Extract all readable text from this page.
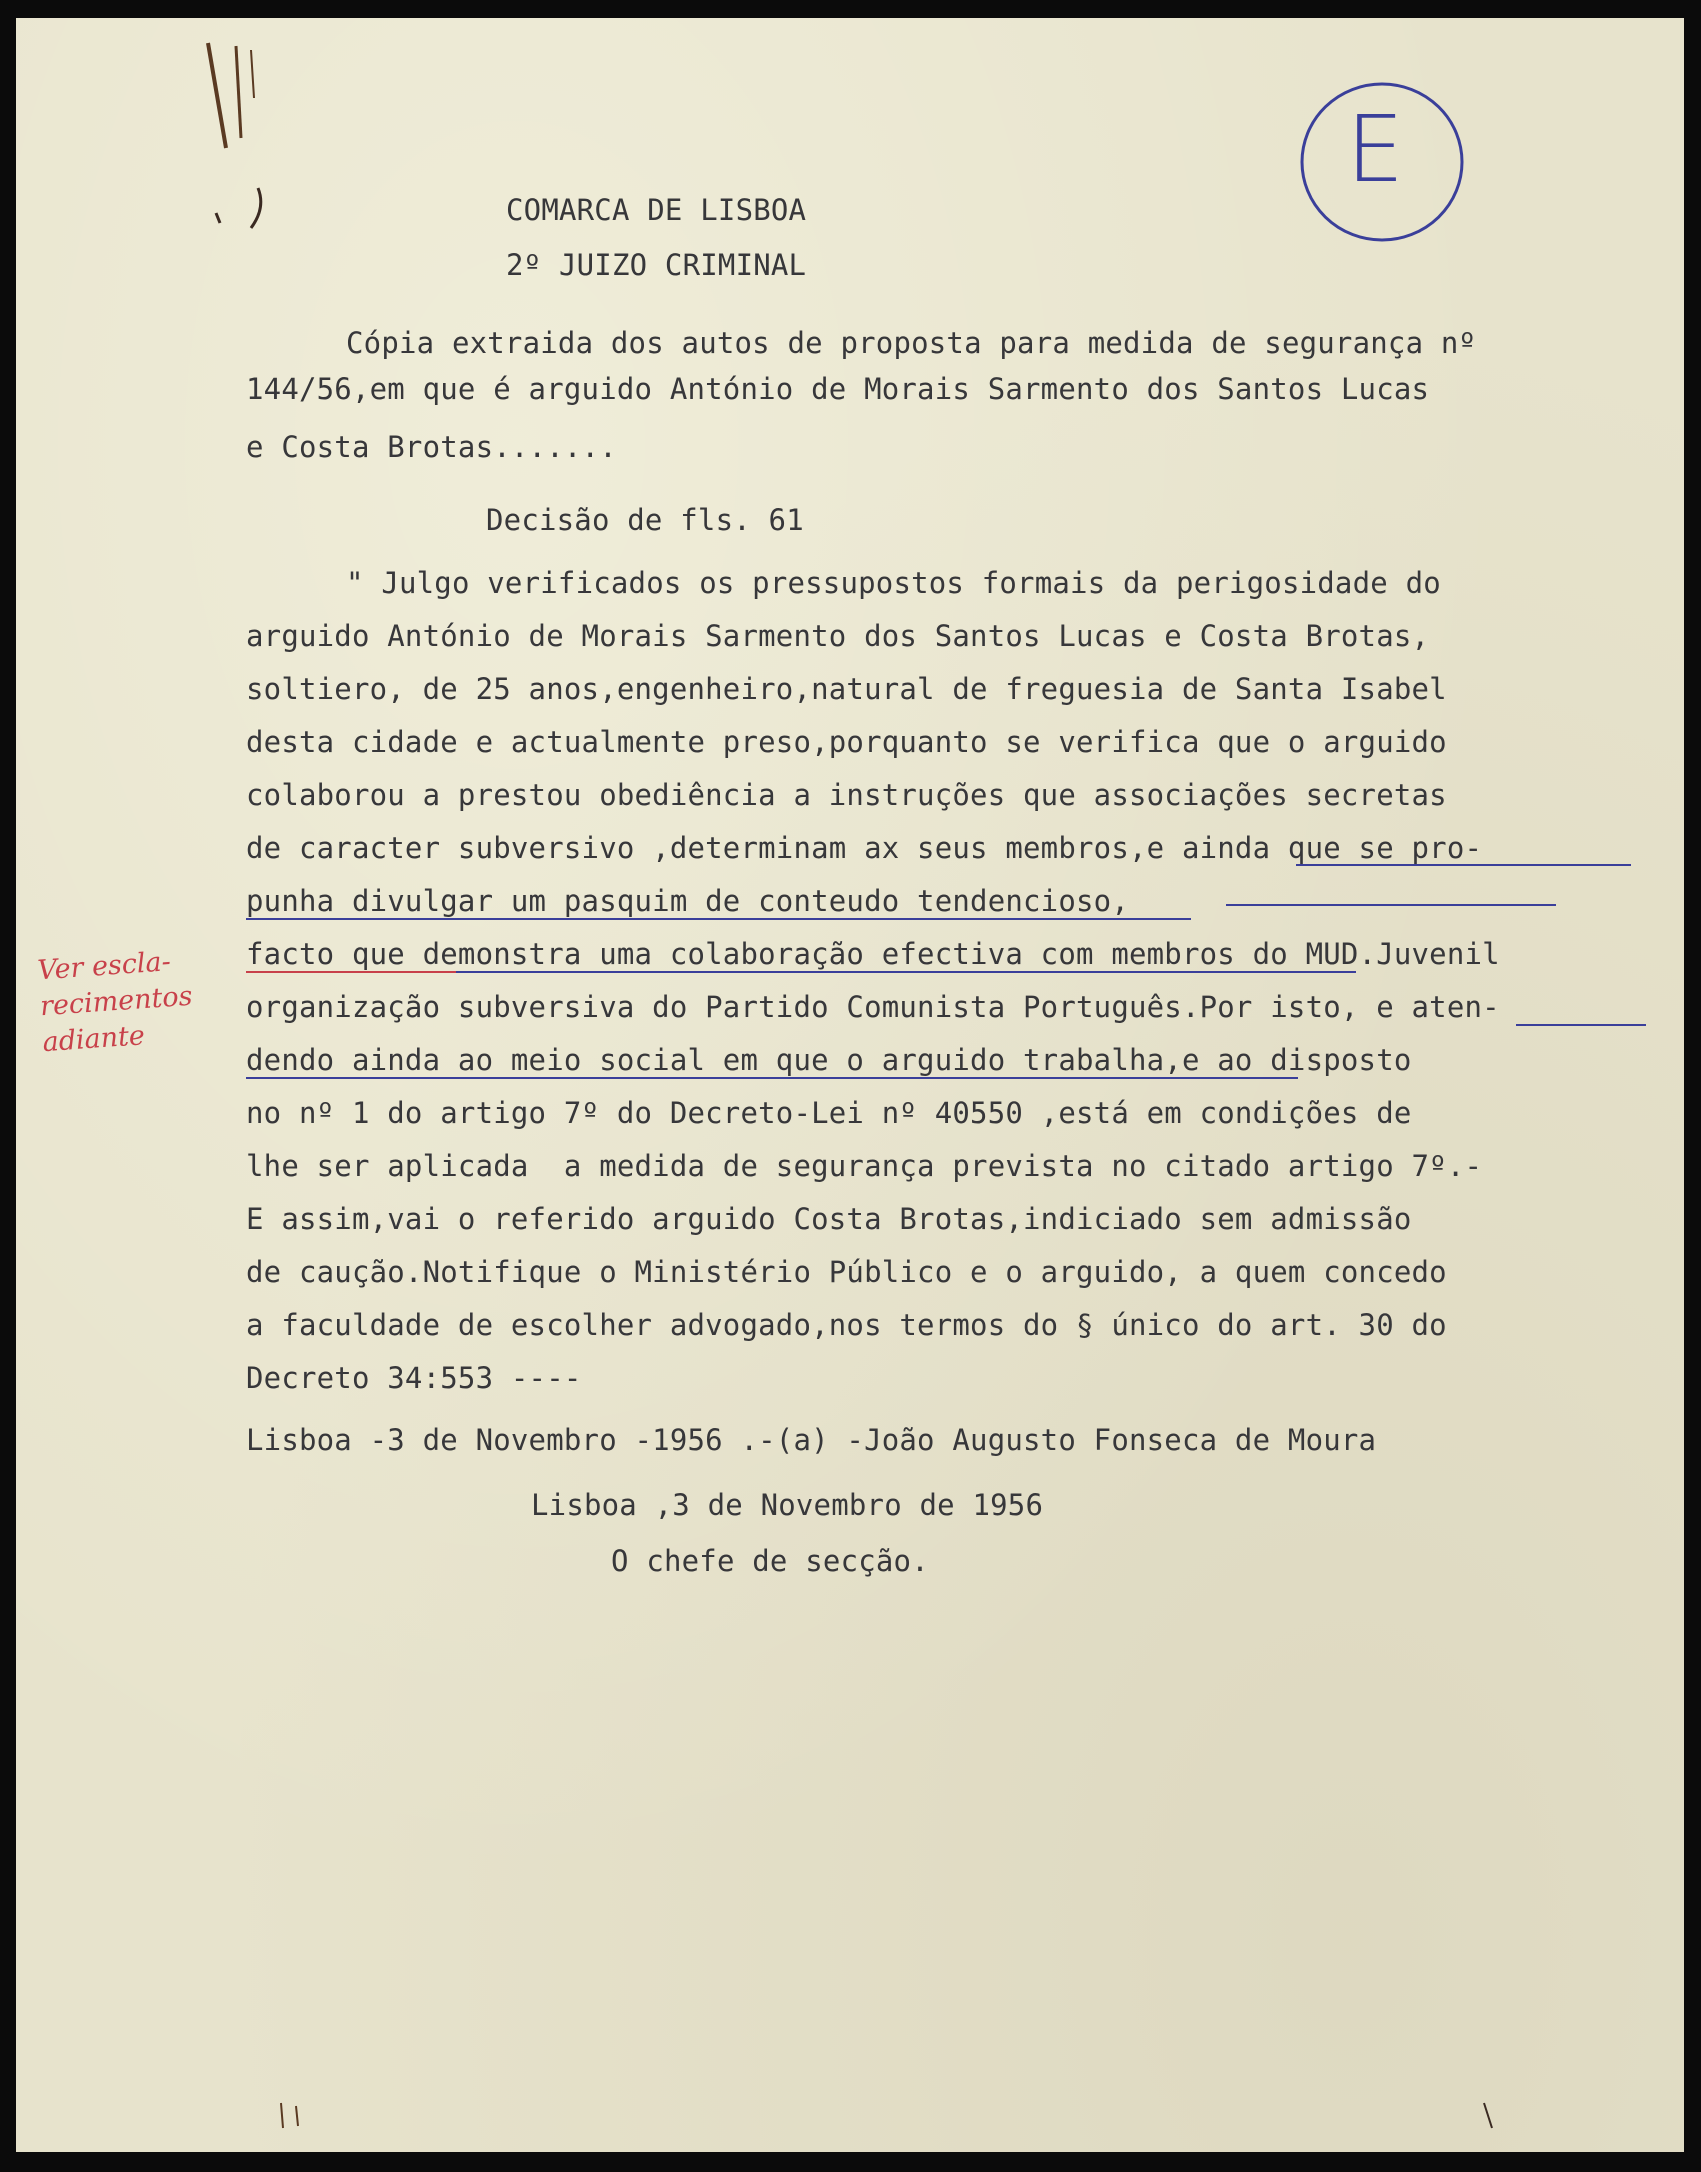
E
COMARCA DE LISBOA
2º JUIZO CRIMINAL
Cópia extraida dos autos de proposta para medida de segurança nº
144/56,em que é arguido António de Morais Sarmento dos Santos Lucas
e Costa Brotas.......
Decisão de fls. 61
" Julgo verificados os pressupostos formais da perigosidade do
arguido António de Morais Sarmento dos Santos Lucas e Costa Brotas,
soltiero, de 25 anos,engenheiro,natural de freguesia de Santa Isabel
desta cidade e actualmente preso,porquanto se verifica que o arguido
colaborou a prestou obediência a instruções que associações secretas
de caracter subversivo ,determinam ax seus membros,e ainda que se pro-
punha divulgar um pasquim de conteudo tendencioso,
facto que demonstra uma colaboração efectiva com membros do MUD.Juvenil
organização subversiva do Partido Comunista Português.Por isto, e aten-
dendo ainda ao meio social em que o arguido trabalha,e ao disposto
no nº 1 do artigo 7º do Decreto-Lei nº 40550 ,está em condições de
lhe ser aplicada  a medida de segurança prevista no citado artigo 7º.-
E assim,vai o referido arguido Costa Brotas,indiciado sem admissão
de caução.Notifique o Ministério Público e o arguido, a quem concedo
a faculdade de escolher advogado,nos termos do § único do art. 30 do
Decreto 34:553 ----
Lisboa -3 de Novembro -1956 .-(a) -João Augusto Fonseca de Moura
Lisboa ,3 de Novembro de 1956
O chefe de secção.
Ver escla-
recimentos
adiante
